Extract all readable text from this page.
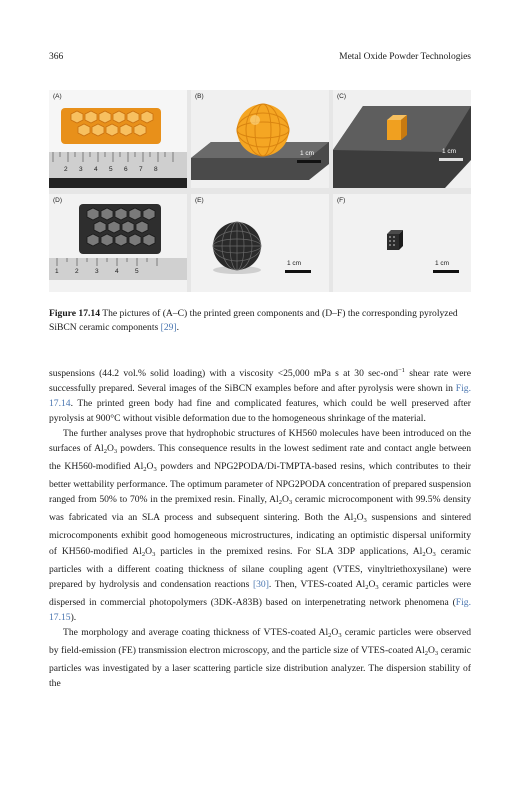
366	Metal Oxide Powder Technologies
(A)
2 3 4 5 6 7 8
(B)
1 cm
(C)
1 cm
(D)
1	2	3	4	5
(E)
1 cm
(F)
1 cm
Figure 17.14 The pictures of (A–C) the printed green components and (D–F) the corresponding pyrolyzed SiBCN ceramic components [29].

suspensions (44.2 vol.% solid loading) with a viscosity <25,000 mPa s at 30 sec-ond$^{-1}$ shear rate were successfully prepared. Several images of the SiBCN examples before and after pyrolysis were shown in Fig. 17.14. The printed green body had fine and complicated features, which could be well preserved after pyrolysis at 900°C without visible deformation due to the homogeneous shrinkage of the material.

The further analyses prove that hydrophobic structures of KH560 molecules have been introduced on the surfaces of $Al_2O_3$ powders. This consequence results in the lowest sediment rate and contact angle between the KH560-modified $Al_2O_3$ powders and NPG2PODA/Di-TMPTA-based resins, which contributes to their better wettability performance. The optimum parameter of NPG2PODA concentration of prepared suspension ranged from 50% to 70% in the premixed resin. Finally, $Al_2O_3$ ceramic microcomponent with 99.5% density was fabricated via an SLA process and subsequent sintering. Both the $Al_2O_3$ suspensions and sintered microcomponents exhibit good homogeneous microstructures, indicating an optimistic dispersal uniformity of KH560-modified $Al_2O_3$ particles in the premixed resins. For SLA 3DP applications, $Al_2O_3$ ceramic particles with a different coating thickness of silane coupling agent (VTES, vinyltriethoxysilane) were prepared by hydrolysis and condensation reactions [30]. Then, VTES-coated $Al_2O_3$ ceramic particles were dispersed in commercial photopolymers (3DK-A83B) based on interpenetrating network phenomena (Fig. 17.15).

The morphology and average coating thickness of VTES-coated $Al_2O_3$ ceramic particles were observed by field-emission (FE) transmission electron microscopy, and the particle size of VTES-coated $Al_2O_3$ ceramic particles was investigated by a laser scattering particle size distribution analyzer. The dispersion stability of the
